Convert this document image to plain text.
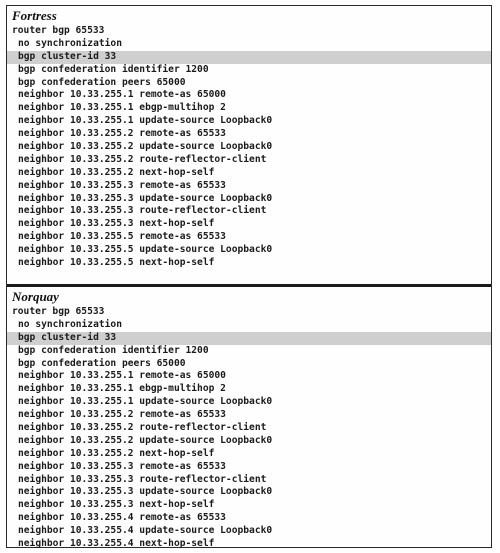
Fortress
router bgp 65533
no synchronization
bgp cluster-id 33
bgp confederation identifier 1200
bgp confederation peers 65000
neighbor 10.33.255.1 remote-as 65000
neighbor 10.33.255.1 ebgp-multihop 2
neighbor 10.33.255.1 update-source Loopback0
neighbor 10.33.255.2 remote-as 65533
neighbor 10.33.255.2 update-source Loopback0
neighbor 10.33.255.2 route-reflector-client
neighbor 10.33.255.2 next-hop-self
neighbor 10.33.255.3 remote-as 65533
neighbor 10.33.255.3 update-source Loopback0
neighbor 10.33.255.3 route-reflector-client
neighbor 10.33.255.3 next-hop-self
neighbor 10.33.255.5 remote-as 65533
neighbor 10.33.255.5 update-source Loopback0
neighbor 10.33.255.5 next-hop-self
Norquay
router bgp 65533
no synchronization
bgp cluster-id 33
bgp confederation identifier 1200
bgp confederation peers 65000
neighbor 10.33.255.1 remote-as 65000
neighbor 10.33.255.1 ebgp-multihop 2
neighbor 10.33.255.1 update-source Loopback0
neighbor 10.33.255.2 remote-as 65533
neighbor 10.33.255.2 route-reflector-client
neighbor 10.33.255.2 update-source Loopback0
neighbor 10.33.255.2 next-hop-self
neighbor 10.33.255.3 remote-as 65533
neighbor 10.33.255.3 route-reflector-client
neighbor 10.33.255.3 update-source Loopback0
neighbor 10.33.255.3 next-hop-self
neighbor 10.33.255.4 remote-as 65533
neighbor 10.33.255.4 update-source Loopback0
neighbor 10.33.255.4 next-hop-self
